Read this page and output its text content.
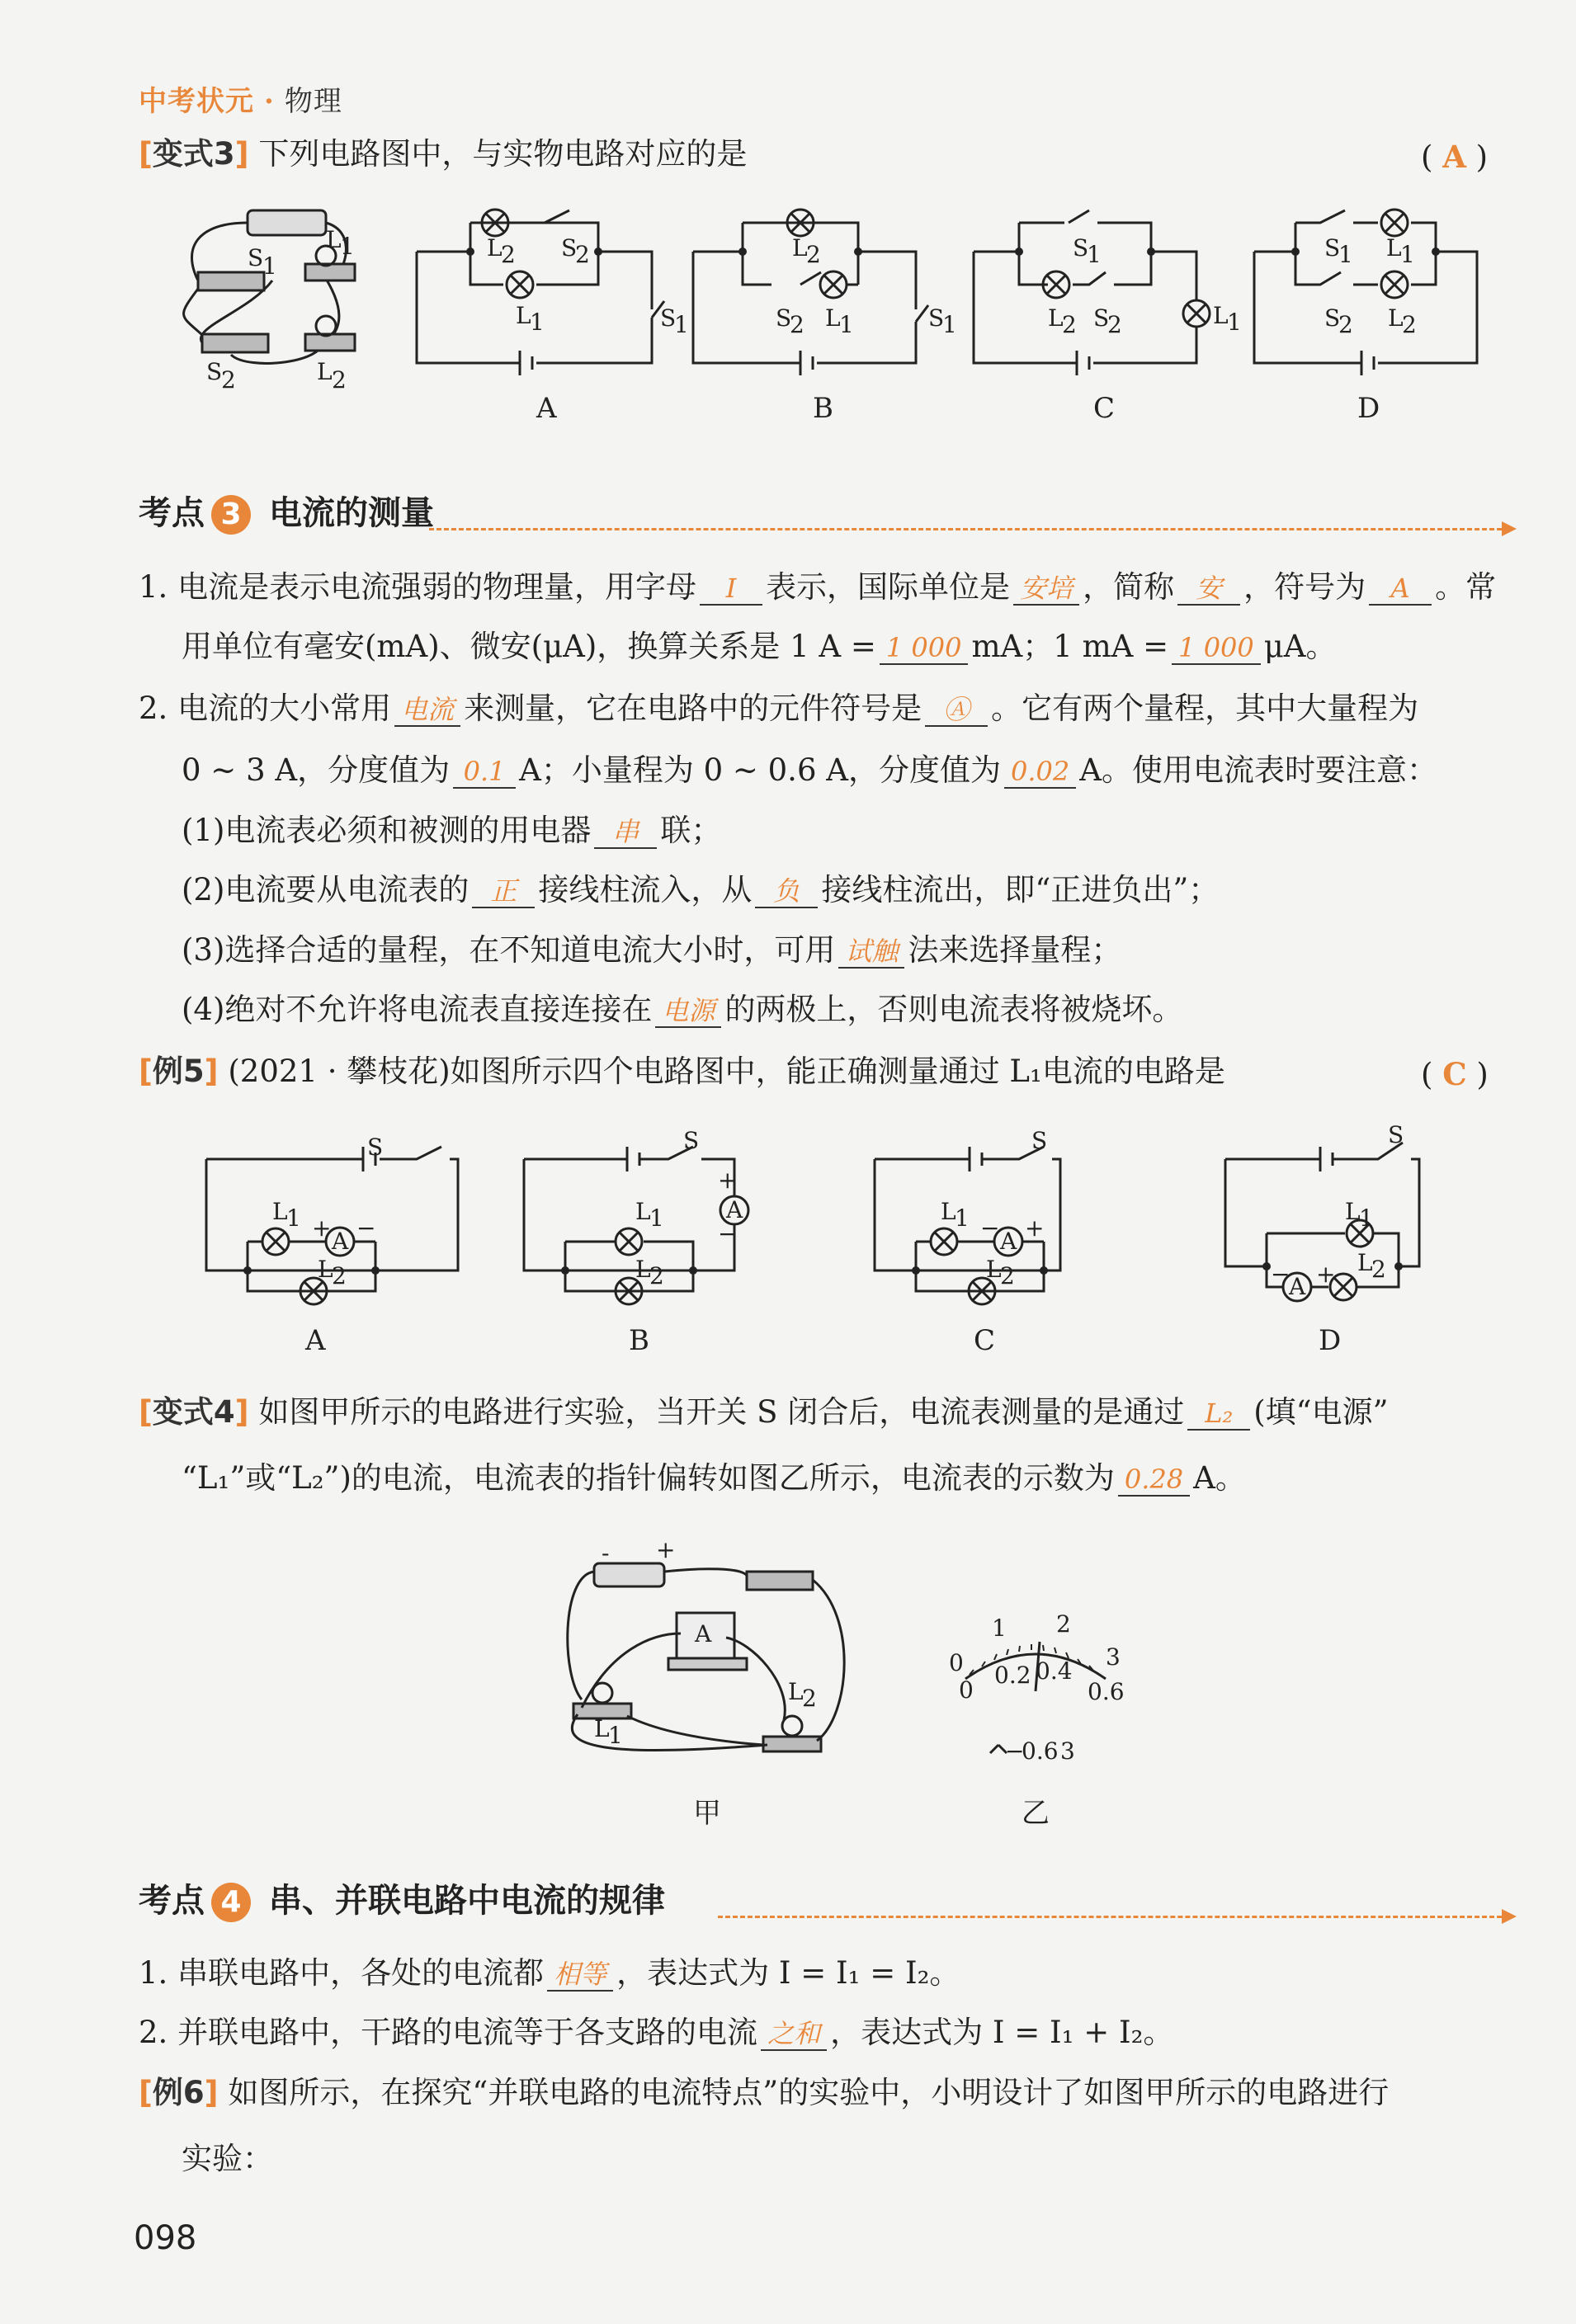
中考状元 · 物理
[变式3] 下列电路图中，与实物电路对应的是	( A )
S
1
L
1
S
2	L 2
L
2 S
2
L
1	S
1
L
2
S
2 L
1	S
1
S
1
L
2 S
2	L
1
S
1 L
1
S
2 L
2
A	B	C	D
考点 3 电流的测量
1. 电流是表示电流强弱的物理量，用字母 I 表示，国际单位是 安培 ，简称 安 ，符号为 A 。常
用单位有毫安(mA)、微安(μA)，换算关系是 1 A = 1 000 mA；1 mA = 1 000 μA。
2. 电流的大小常用 电流 来测量，它在电路中的元件符号是 Ⓐ 。它有两个量程，其中大量程为
0 ~ 3 A，分度值为 0.1 A；小量程为 0 ~ 0.6 A，分度值为 0.02 A。使用电流表时要注意：
(1)电流表必须和被测的用电器 串 联；
(2)电流要从电流表的 正 接线柱流入，从 负 接线柱流出，即“正进负出”；
(3)选择合适的量程，在不知道电流大小时，可用 试触 法来选择量程；
(4)绝对不允许将电流表直接连接在 电源 的两极上，否则电流表将被烧坏。
[例5] (2021 · 攀枝花)如图所示四个电路图中，能正确测量通过 L₁电流的电路是	( C )
A
L
1 + −
L
2
S
A
+
−
L
1
L
2
S
A
L
1 − +
L
2
S
A
− +
L
1
L
2
S
A	B	C	D
[变式4] 如图甲所示的电路进行实验，当开关 S 闭合后，电流表测量的是通过 L₂ (填“电源”
“L₁”或“L₂”)的电流，电流表的指针偏转如图乙所示，电流表的示数为 0.28 A。
- +
A
L
1
L
2
0
1 2
3
0
0.2 0.4
0.6
−
0.6 3
甲	乙
考点 4 串、并联电路中电流的规律
1. 串联电路中，各处的电流都 相等 ，表达式为 I = I₁ = I₂。
2. 并联电路中，干路的电流等于各支路的电流 之和 ，表达式为 I = I₁ + I₂。
[例6] 如图所示，在探究“并联电路的电流特点”的实验中，小明设计了如图甲所示的电路进行
实验：
098
